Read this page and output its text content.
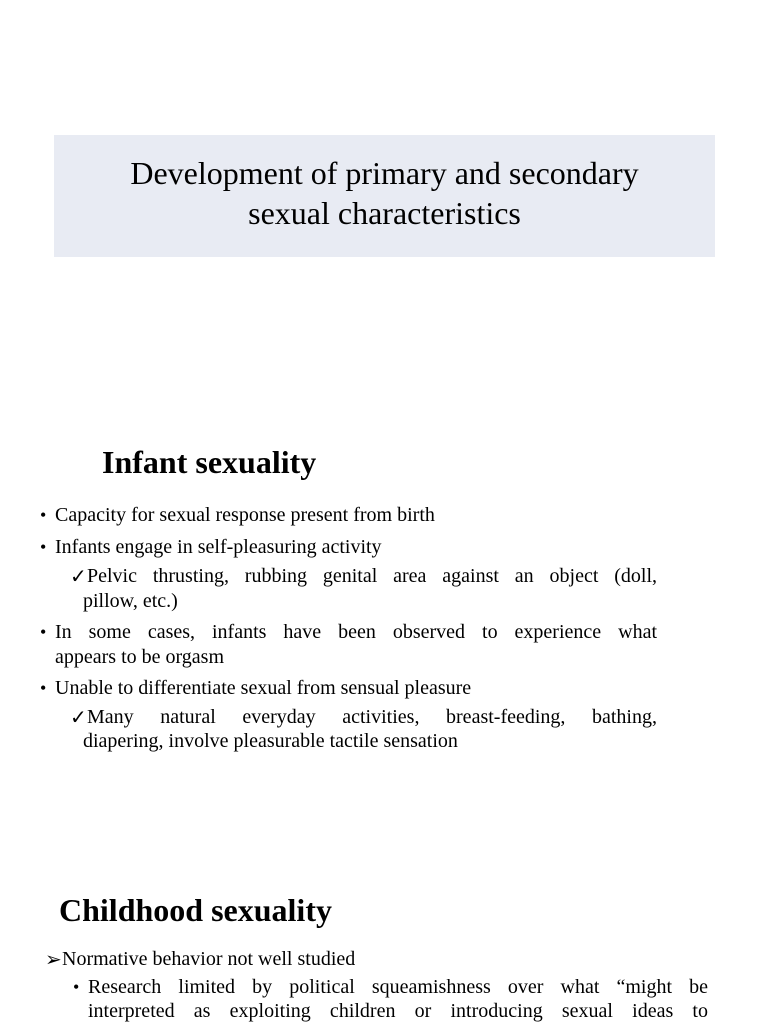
Development of primary and secondary
sexual characteristics
Infant sexuality
• Capacity for sexual response present from birth
• Infants engage in self-pleasuring activity
✓ Pelvic thrusting, rubbing genital area against an object (doll,
pillow, etc.)
• In some cases, infants have been observed to experience what
appears to be orgasm
• Unable to differentiate sexual from sensual pleasure
✓ Many natural everyday activities, breast-feeding, bathing,
diapering, involve pleasurable tactile sensation
Childhood sexuality
➢ Normative behavior not well studied
• Research limited by political squeamishness over what “might be
interpreted as exploiting children or introducing sexual ideas to
